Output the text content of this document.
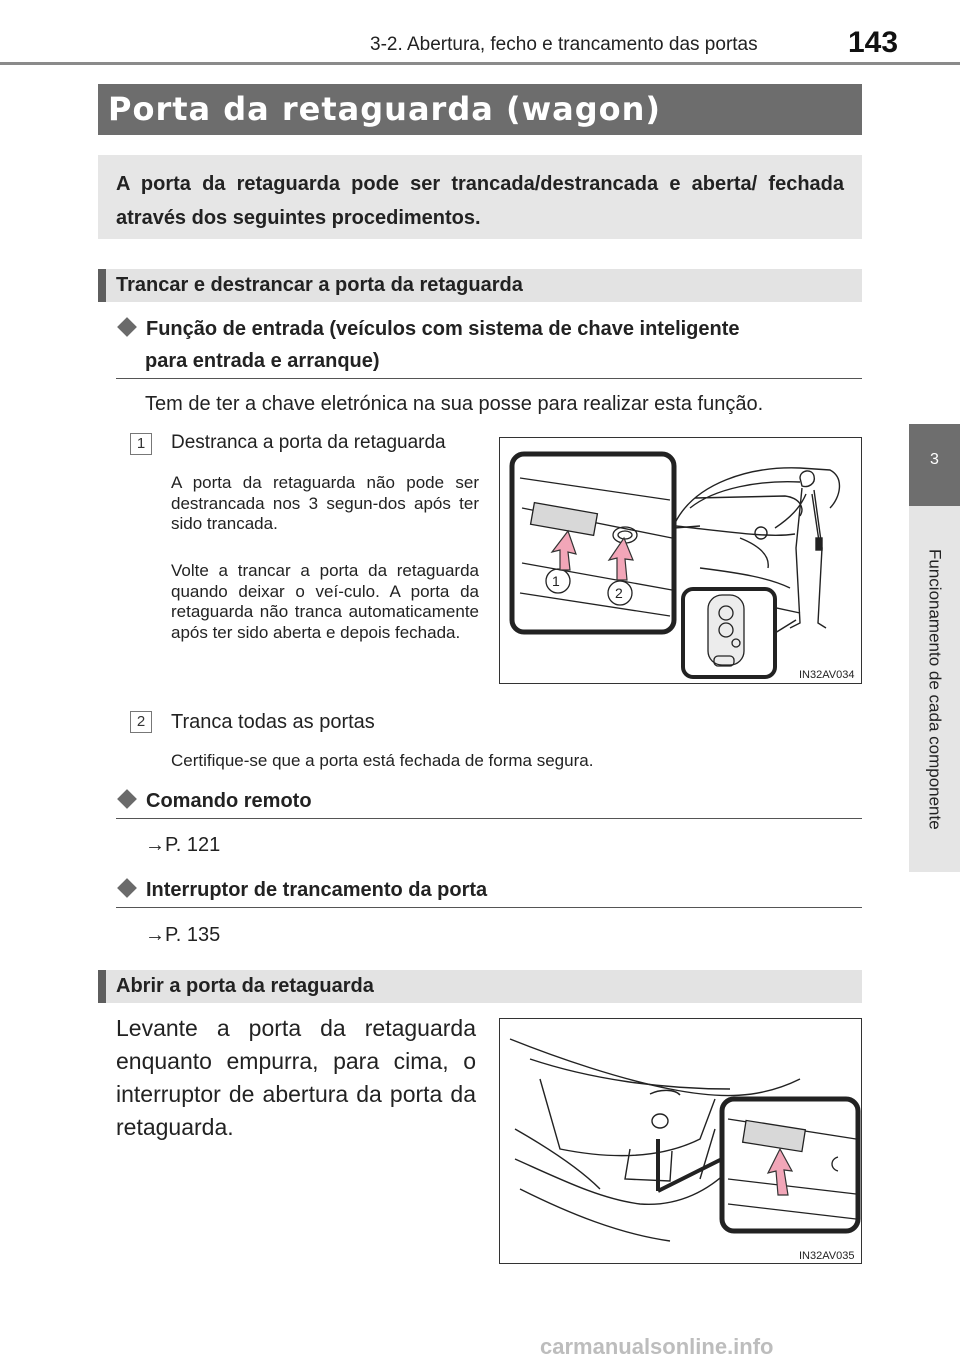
3-2. Abertura, fecho e trancamento das portas	143
3
Funcionamento de cada componente
Porta da retaguarda (wagon)
A porta da retaguarda pode ser trancada/destrancada e aberta/ fechada através dos seguintes procedimentos.
Trancar e destrancar a porta da retaguarda
Função de entrada (veículos com sistema de chave inteligente
para entrada e arranque)
Tem de ter a chave eletrónica na sua posse para realizar esta função.
1	Destranca a porta da retaguarda
A porta da retaguarda não pode ser destrancada nos 3 segun-dos após ter sido trancada.
Volte a trancar a porta da retaguarda quando deixar o veí-culo. A porta da retaguarda não tranca automaticamente após ter sido aberta e depois fechada.
1
2
IN32AV034
2	Tranca todas as portas
Certifique-se que a porta está fechada de forma segura.
Comando remoto
→P. 121
Interruptor de trancamento da porta
→P. 135
Abrir a porta da retaguarda
Levante a porta da retaguarda enquanto empurra, para cima, o interruptor de abertura da porta da retaguarda.
IN32AV035
carmanualsonline.info
